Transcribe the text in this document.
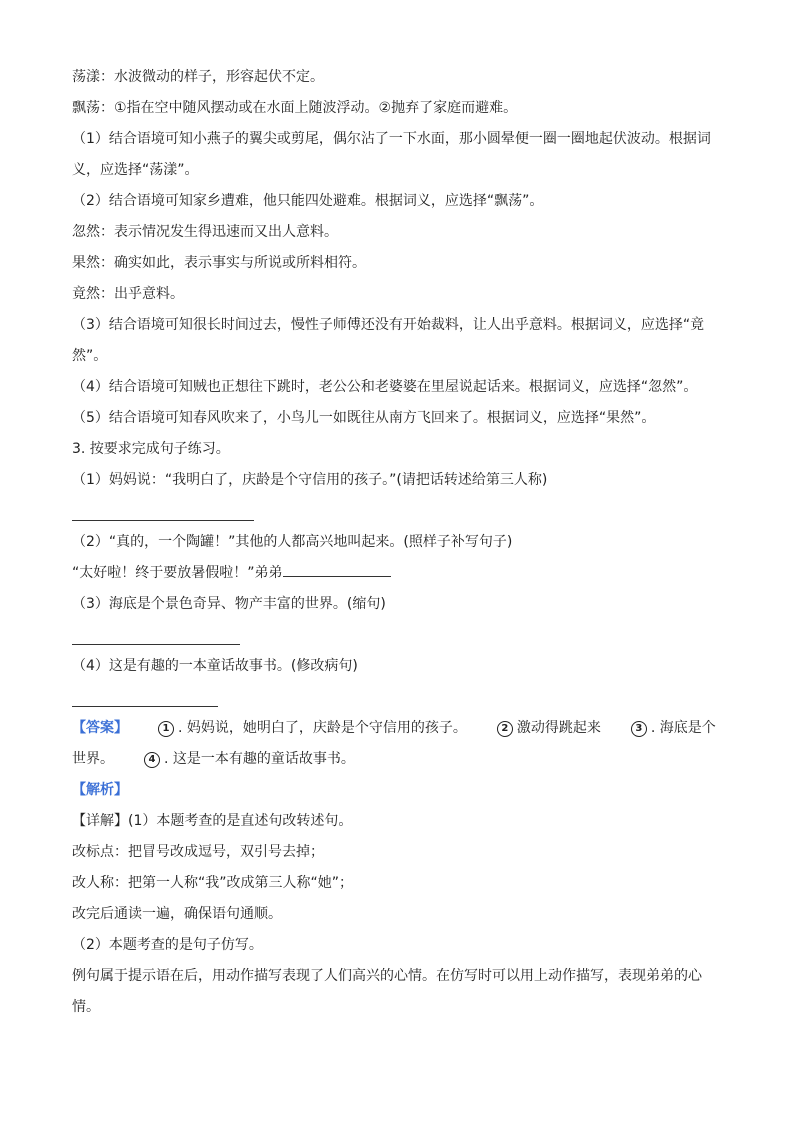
荡漾：水波微动的样子，形容起伏不定。
飘荡：①指在空中随风摆动或在水面上随波浮动。②抛弃了家庭而避难。
（1）结合语境可知小燕子的翼尖或剪尾，偶尔沾了一下水面，那小圆晕便一圈一圈地起伏波动。根据词
义，应选择“荡漾”。
（2）结合语境可知家乡遭难，他只能四处避难。根据词义，应选择“飘荡”。
忽然：表示情况发生得迅速而又出人意料。
果然：确实如此，表示事实与所说或所料相符。
竟然：出乎意料。
（3）结合语境可知很长时间过去，慢性子师傅还没有开始裁料，让人出乎意料。根据词义，应选择“竟
然”。
（4）结合语境可知贼也正想往下跳时，老公公和老婆婆在里屋说起话来。根据词义，应选择“忽然”。
（5）结合语境可知春风吹来了，小鸟儿一如既往从南方飞回来了。根据词义，应选择“果然”。
3. 按要求完成句子练习。
（1）妈妈说：“我明白了，庆龄是个守信用的孩子。”(请把话转述给第三人称)
（2）“真的，一个陶罐！”其他的人都高兴地叫起来。(照样子补写句子)
“太好啦！终于要放暑假啦！”弟弟
（3）海底是个景色奇异、物产丰富的世界。(缩句)
（4）这是有趣的一本童话故事书。(修改病句)
【答案】	1 . 妈妈说，她明白了，庆龄是个守信用的孩子。	2 激动得跳起来	3 . 海底是个
世界。	4 . 这是一本有趣的童话故事书。
【解析】
【详解】(1）本题考查的是直述句改转述句。
改标点：把冒号改成逗号，双引号去掉；
改人称：把第一人称“我”改成第三人称“她”；
改完后通读一遍，确保语句通顺。
（2）本题考查的是句子仿写。
例句属于提示语在后，用动作描写表现了人们高兴的心情。在仿写时可以用上动作描写，表现弟弟的心
情。
